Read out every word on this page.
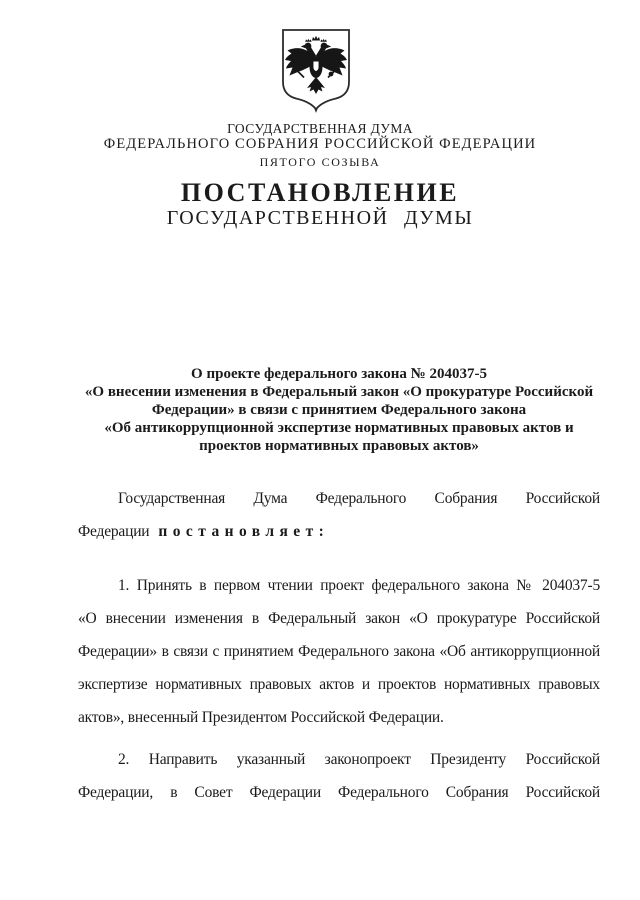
ГОСУДАРСТВЕННАЯ ДУМА
ФЕДЕРАЛЬНОГО СОБРАНИЯ РОССИЙСКОЙ ФЕДЕРАЦИИ
ПЯТОГО СОЗЫВА
ПОСТАНОВЛЕНИЕ
ГОСУДАРСТВЕННОЙ ДУМЫ
О проекте федерального закона № 204037-5
«О внесении изменения в Федеральный закон «О прокуратуре Российской
Федерации» в связи с принятием Федерального закона
«Об антикоррупционной экспертизе нормативных правовых актов и
проектов нормативных правовых актов»
Государственная Дума Федерального Собрания Российской
Федерации постановляет:
1. Принять в первом чтении проект федерального закона № 204037-5
«О внесении изменения в Федеральный закон «О прокуратуре Российской
Федерации» в связи с принятием Федерального закона «Об антикоррупционной
экспертизе нормативных правовых актов и проектов нормативных правовых
актов», внесенный Президентом Российской Федерации.
2. Направить указанный законопроект Президенту Российской
Федерации, в Совет Федерации Федерального Собрания Российской
